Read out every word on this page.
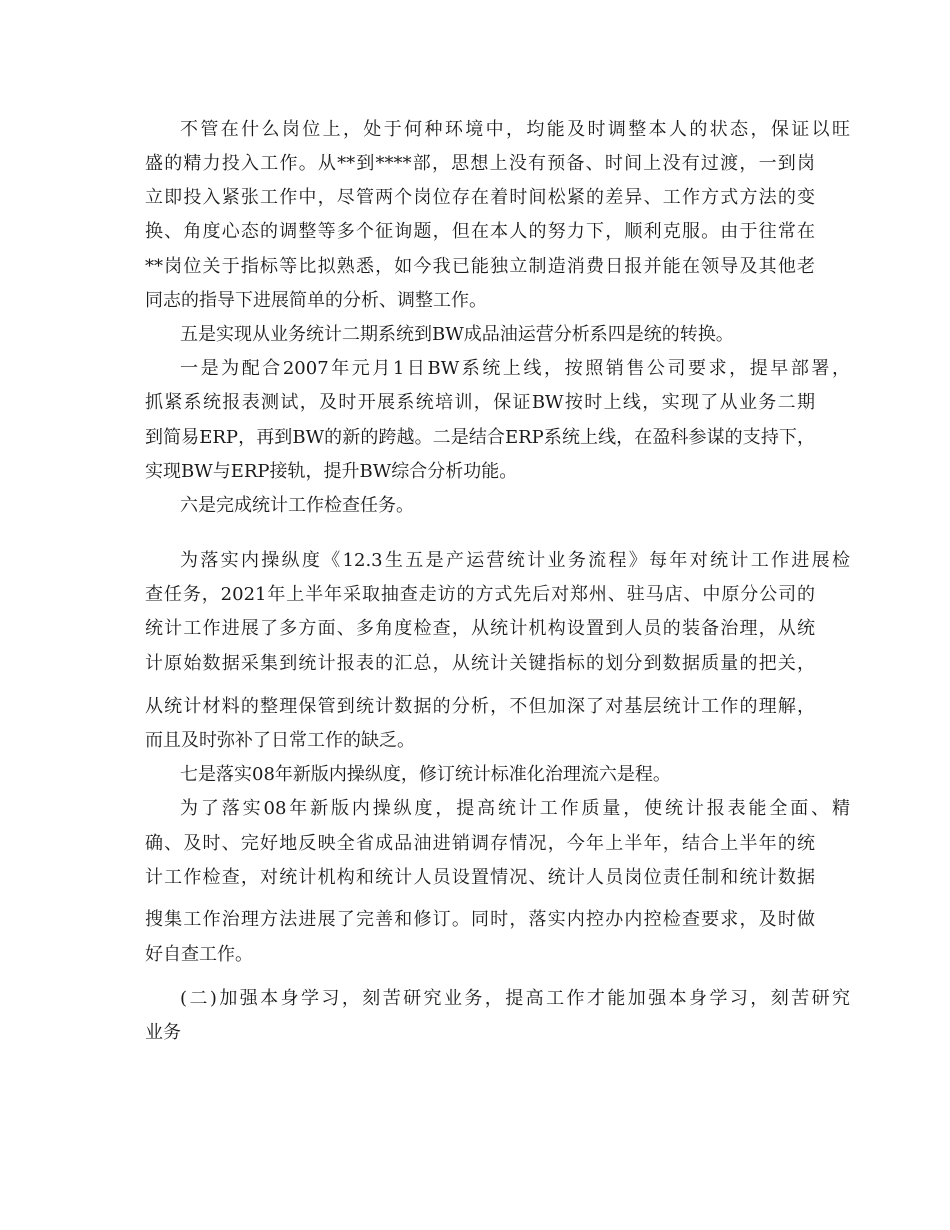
不管在什么岗位上，处于何种环境中，均能及时调整本人的状态，保证以旺
盛的精力投入工作。从**到****部，思想上没有预备、时间上没有过渡，一到岗
立即投入紧张工作中，尽管两个岗位存在着时间松紧的差异、工作方式方法的变
换、角度心态的调整等多个征询题，但在本人的努力下，顺利克服。由于往常在
**岗位关于指标等比拟熟悉，如今我已能独立制造消费日报并能在领导及其他老
同志的指导下进展简单的分析、调整工作。
五是实现从业务统计二期系统到BW成品油运营分析系四是统的转换。
一是为配合2007年元月1日BW系统上线，按照销售公司要求，提早部署，
抓紧系统报表测试，及时开展系统培训，保证BW按时上线，实现了从业务二期
到简易ERP，再到BW的新的跨越。二是结合ERP系统上线，在盈科参谋的支持下，
实现BW与ERP接轨，提升BW综合分析功能。
六是完成统计工作检查任务。
为落实内操纵度《12.3生五是产运营统计业务流程》每年对统计工作进展检
查任务，2021年上半年采取抽查走访的方式先后对郑州、驻马店、中原分公司的
统计工作进展了多方面、多角度检查，从统计机构设置到人员的装备治理，从统
计原始数据采集到统计报表的汇总，从统计关键指标的划分到数据质量的把关，
从统计材料的整理保管到统计数据的分析，不但加深了对基层统计工作的理解，
而且及时弥补了日常工作的缺乏。
七是落实08年新版内操纵度，修订统计标准化治理流六是程。
为了落实08年新版内操纵度，提高统计工作质量，使统计报表能全面、精
确、及时、完好地反映全省成品油进销调存情况，今年上半年，结合上半年的统
计工作检查，对统计机构和统计人员设置情况、统计人员岗位责任制和统计数据
搜集工作治理方法进展了完善和修订。同时，落实内控办内控检查要求，及时做
好自查工作。
(二)加强本身学习，刻苦研究业务，提高工作才能加强本身学习，刻苦研究
业务
